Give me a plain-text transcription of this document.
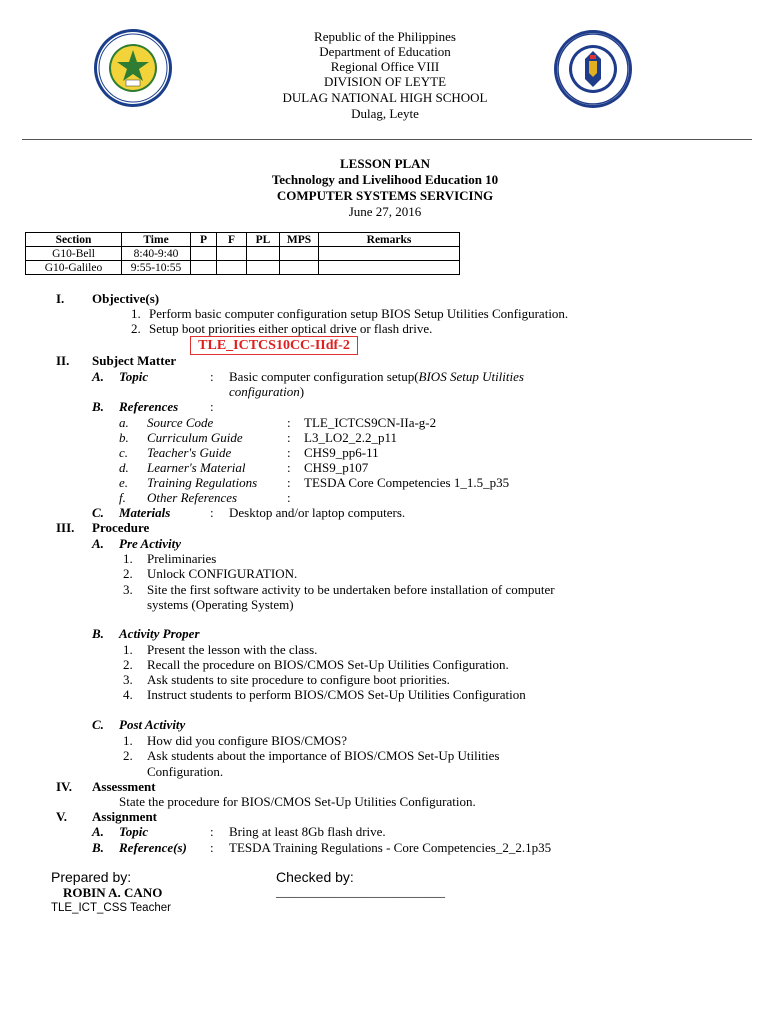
Republic of the Philippines
Department of Education
Regional Office VIII
DIVISION OF LEYTE
DULAG NATIONAL HIGH SCHOOL
Dulag, Leyte
LESSON PLAN
Technology and Livelihood Education 10
COMPUTER SYSTEMS SERVICING
June 27, 2016
Section	Time	P	F	PL	MPS	Remarks
G10-Bell	8:40-9:40					
G10-Galileo	9:55-10:55					
I. Objective(s)
1. Perform basic computer configuration setup BIOS Setup Utilities Configuration.
2. Setup boot priorities either optical drive or flash drive.
TLE_ICTCS10CC-IIdf-2
II. Subject Matter
A. Topic	: Basic computer configuration setup(BIOS Setup Utilities
configuration)
B. References :
a. Source Code	: TLE_ICTCS9CN-IIa-g-2
b. Curriculum Guide	: L3_LO2_2.2_p11
c. Teacher's Guide	: CHS9_pp6-11
d. Learner's Material	: CHS9_p107
e. Training Regulations : TESDA Core Competencies 1_1.5_p35
f. Other References	:
C. Materials	: Desktop and/or laptop computers.
III. Procedure
A. Pre Activity
1. Preliminaries
2. Unlock CONFIGURATION.
3. Site the first software activity to be undertaken before installation of computer
systems (Operating System)
B. Activity Proper
1. Present the lesson with the class.
2. Recall the procedure on BIOS/CMOS Set-Up Utilities Configuration.
3. Ask students to site procedure to configure boot priorities.
4. Instruct students to perform BIOS/CMOS Set-Up Utilities Configuration
C. Post Activity
1. How did you configure BIOS/CMOS?
2. Ask students about the importance of BIOS/CMOS Set-Up Utilities
Configuration.
IV. Assessment
State the procedure for BIOS/CMOS Set-Up Utilities Configuration.
V. Assignment
A. Topic	: Bring at least 8Gb flash drive.
B. Reference(s) : TESDA Training Regulations - Core Competencies_2_2.1p35
Prepared by:
ROBIN A. CANO
TLE_ICT_CSS Teacher
Checked by:
__________________________
